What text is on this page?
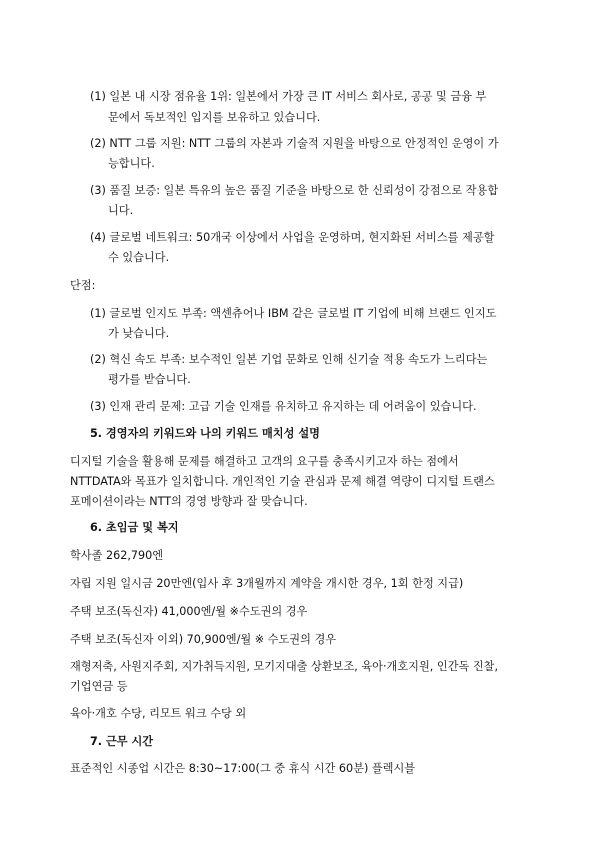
(1) 일본 내 시장 점유율 1위: 일본에서 가장 큰 IT 서비스 회사로, 공공 및 금융 부
문에서 독보적인 입지를 보유하고 있습니다.
(2) NTT 그룹 지원: NTT 그룹의 자본과 기술적 지원을 바탕으로 안정적인 운영이 가
능합니다.
(3) 품질 보증: 일본 특유의 높은 품질 기준을 바탕으로 한 신뢰성이 강점으로 작용합
니다.
(4) 글로벌 네트워크: 50개국 이상에서 사업을 운영하며, 현지화된 서비스를 제공할
수 있습니다.
단점:
(1) 글로벌 인지도 부족: 액센츄어나 IBM 같은 글로벌 IT 기업에 비해 브랜드 인지도
가 낮습니다.
(2) 혁신 속도 부족: 보수적인 일본 기업 문화로 인해 신기술 적용 속도가 느리다는
평가를 받습니다.
(3) 인재 관리 문제: 고급 기술 인재를 유치하고 유지하는 데 어려움이 있습니다.
5. 경영자의 키워드와 나의 키워드 매치성 설명
디지털 기술을 활용해 문제를 해결하고 고객의 요구를 충족시키고자 하는 점에서
NTTDATA와 목표가 일치합니다. 개인적인 기술 관심과 문제 해결 역량이 디지털 트랜스
포메이션이라는 NTT의 경영 방향과 잘 맞습니다.
6. 초임금 및 복지
학사졸 262,790엔
자립 지원 일시금 20만엔(입사 후 3개월까지 계약을 개시한 경우, 1회 한정 지급)
주택 보조(독신자) 41,000엔/월 ※수도권의 경우
주택 보조(독신자 이외) 70,900엔/월 ※ 수도권의 경우
재형저축, 사원지주회, 지가취득지원, 모기지대출 상환보조, 육아·개호지원, 인간독 진찰,
기업연금 등
육아·개호 수당, 리모트 워크 수당 외
7. 근무 시간
표준적인 시종업 시간은 8:30~17:00(그 중 휴식 시간 60분) 플렉시블
